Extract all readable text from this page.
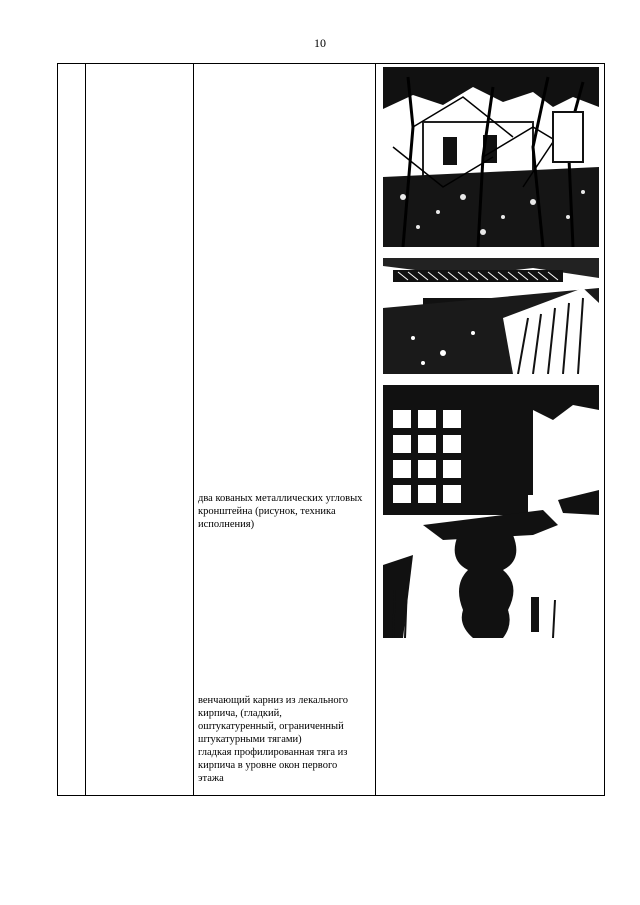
10
два кованых металлических угловых кронштейна (рисунок, техника исполнения)
венчающий карниз из лекального
кирпича, (гладкий,
оштукатуренный, ограниченный
штукатурными тягами)
гладкая профилированная тяга из
кирпича в уровне окон первого
этажа
